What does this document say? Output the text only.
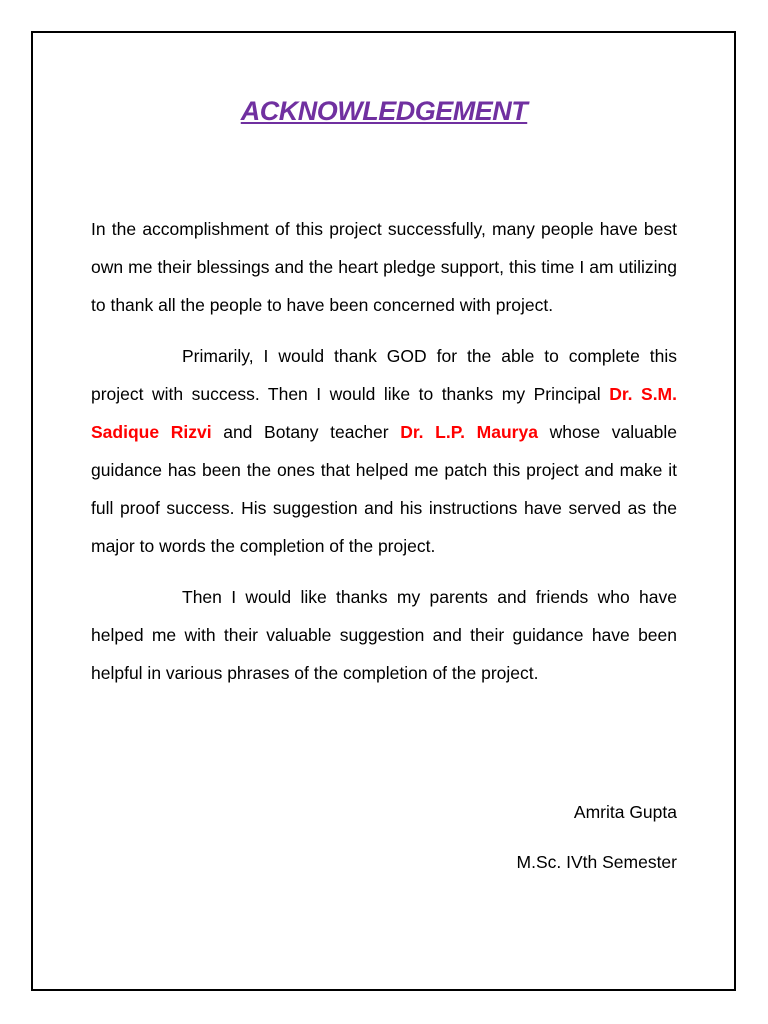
ACKNOWLEDGEMENT

In the accomplishment of this project successfully, many people have best own me their blessings and the heart pledge support, this time I am utilizing to thank all the people to have been concerned with project.

Primarily, I would thank GOD for the able to complete this project with success. Then I would like to thanks my Principal Dr. S.M. Sadique Rizvi and Botany teacher Dr. L.P. Maurya whose valuable guidance has been the ones that helped me patch this project and make it full proof success. His suggestion and his instructions have served as the major to words the completion of the project.

Then I would like thanks my parents and friends who have helped me with their valuable suggestion and their guidance have been helpful in various phrases of the completion of the project.

Amrita Gupta
M.Sc. IVth Semester
